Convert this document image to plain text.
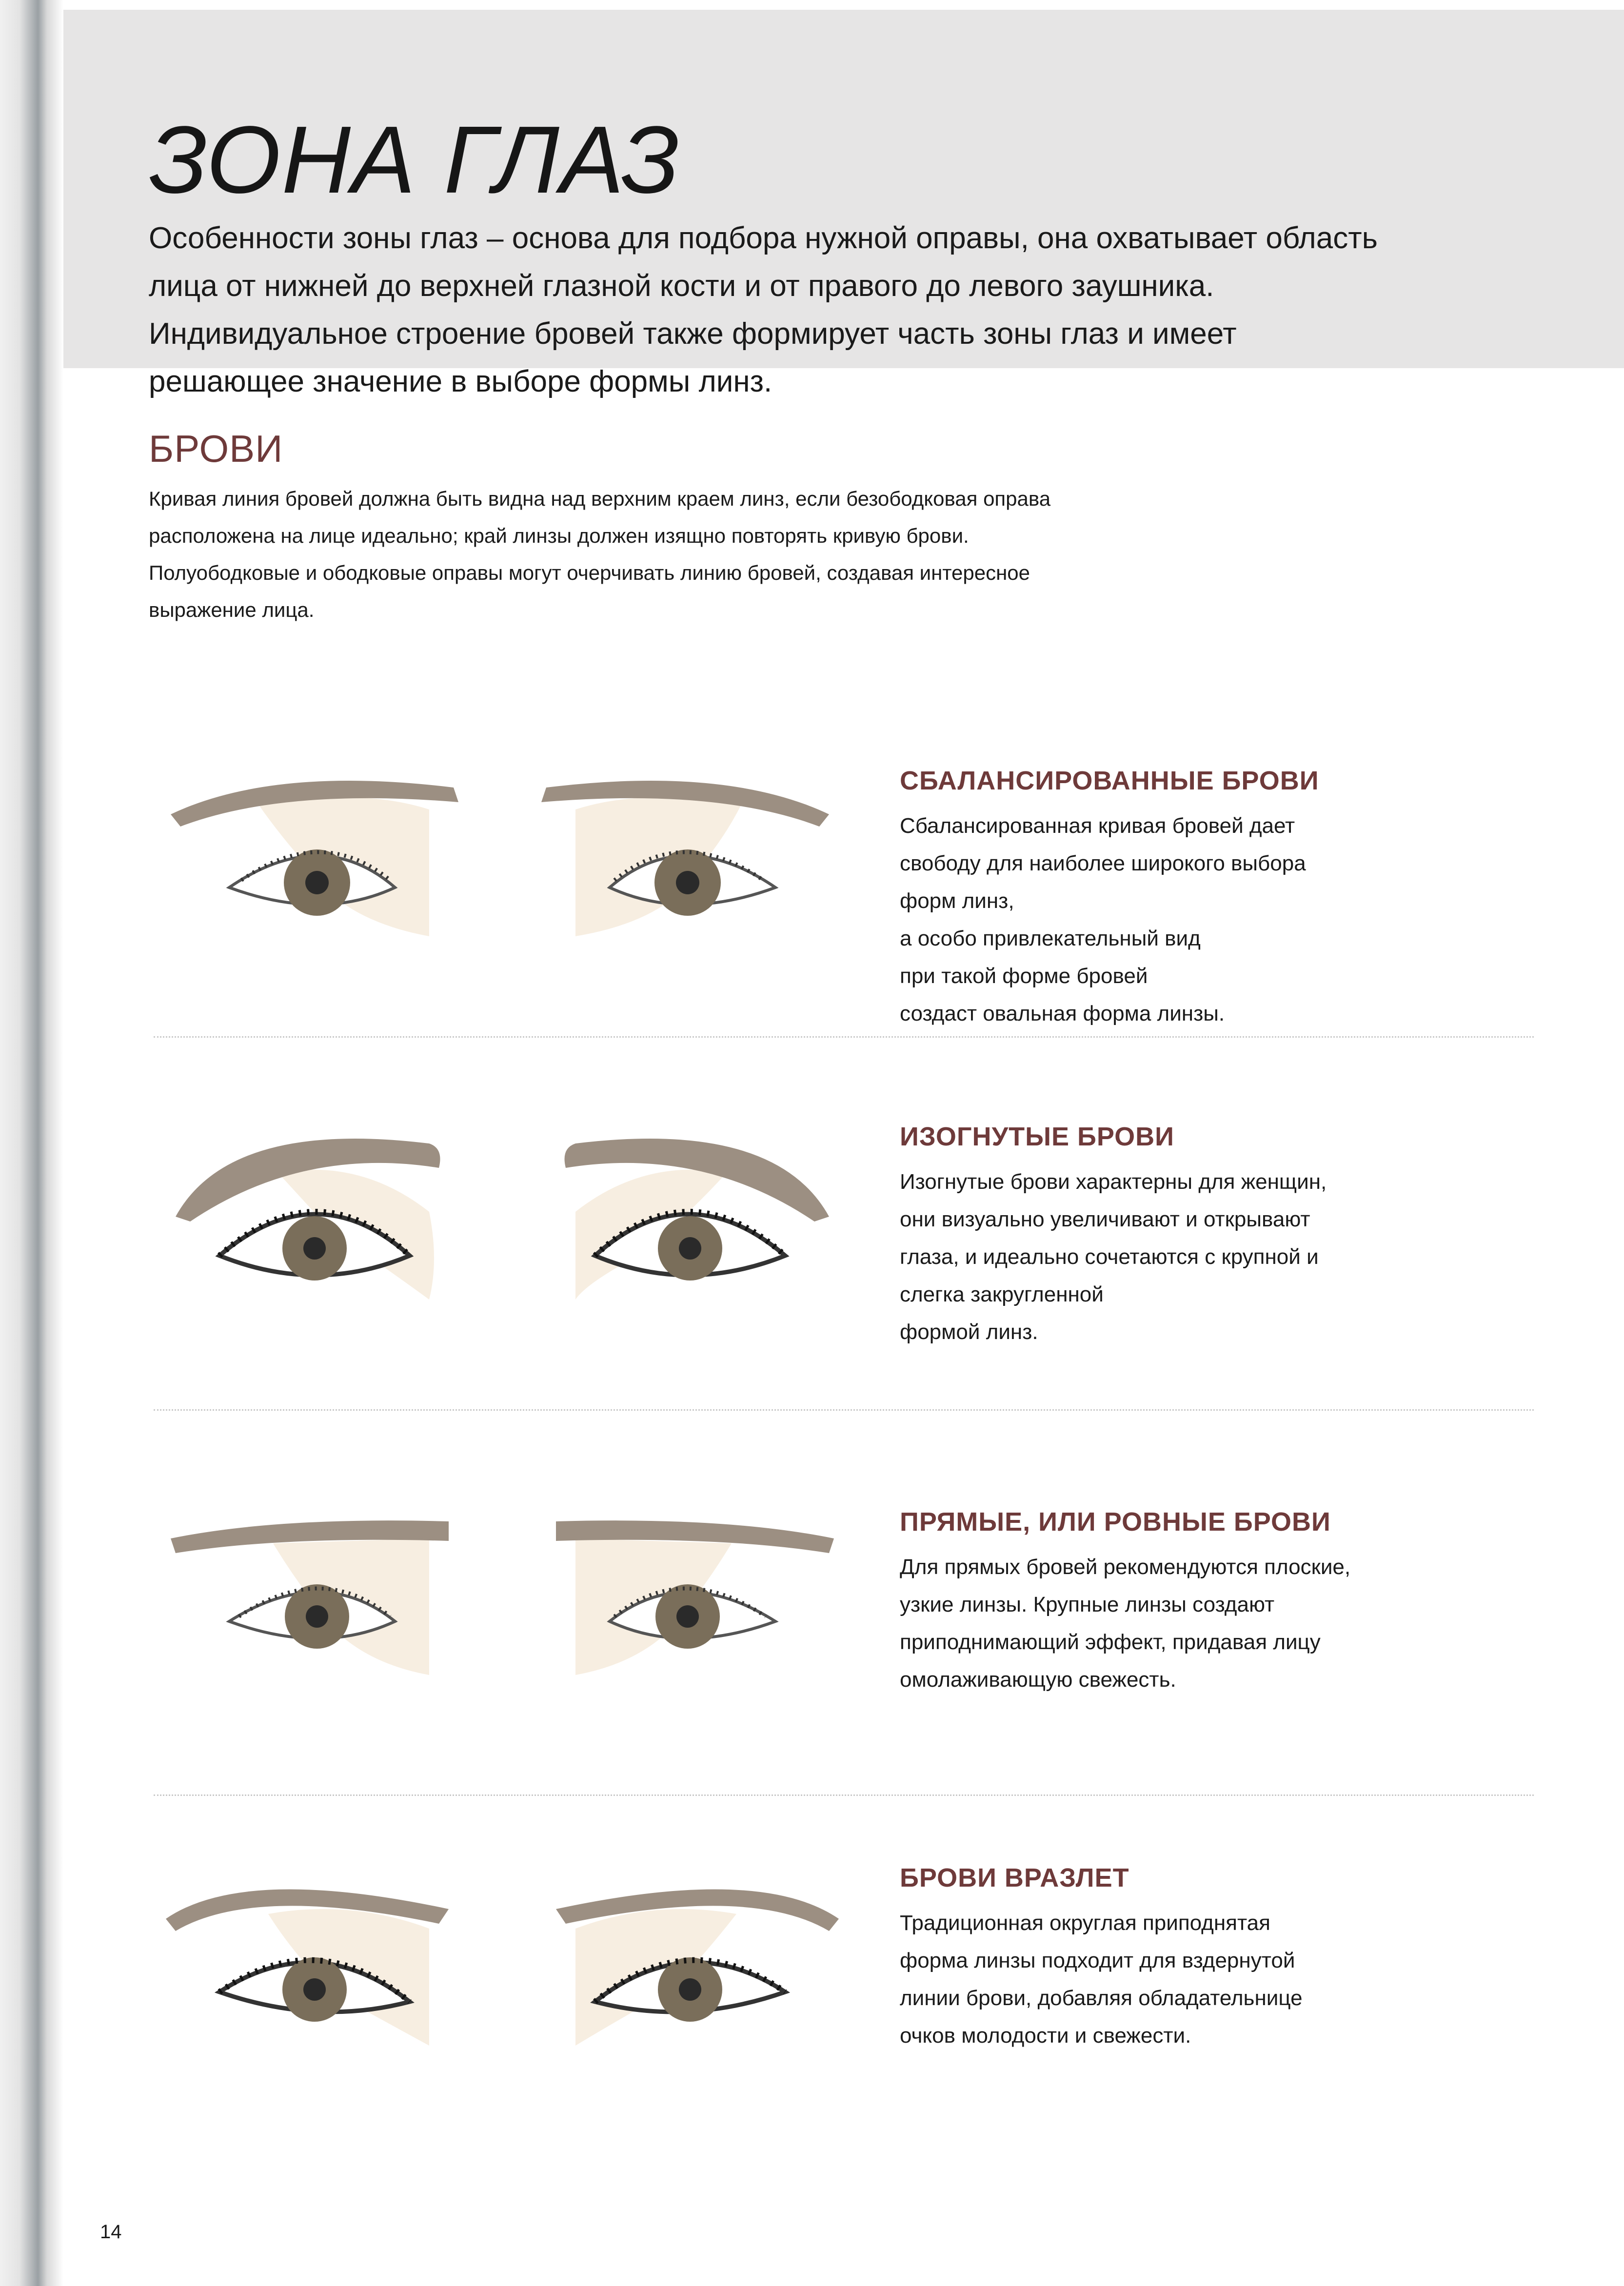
ЗОНА ГЛАЗ
Особенности зоны глаз – основа для подбора нужной оправы, она охватывает область лица от нижней до верхней глазной кости и от правого до левого заушника. Индивидуальное строение бровей также формирует часть зоны глаз и имеет решающее значение в выборе формы линз.
БРОВИ
Кривая линия бровей должна быть видна над верхним краем линз, если безободковая оправа расположена на лице идеально; край линзы должен изящно повторять кривую брови. Полуободковые и ободковые оправы могут очерчивать линию бровей, создавая интересное выражение лица.
СБАЛАНСИРОВАННЫЕ БРОВИ
Сбалансированная кривая бровей дает
свободу для наиболее широкого выбора
форм линз,
а особо привлекательный вид
при такой форме бровей
создаст овальная форма линзы.
ИЗОГНУТЫЕ БРОВИ
Изогнутые брови характерны для женщин,
они визуально увеличивают и открывают
глаза, и идеально сочетаются с крупной и
слегка закругленной
формой линз.
ПРЯМЫЕ, ИЛИ РОВНЫЕ БРОВИ
Для прямых бровей рекомендуются плоские,
узкие линзы. Крупные линзы создают
приподнимающий эффект, придавая лицу
омолаживающую свежесть.
БРОВИ ВРАЗЛЕТ
Традиционная округлая приподнятая
форма линзы подходит для вздернутой
линии брови, добавляя обладательнице
очков молодости и свежести.
14
